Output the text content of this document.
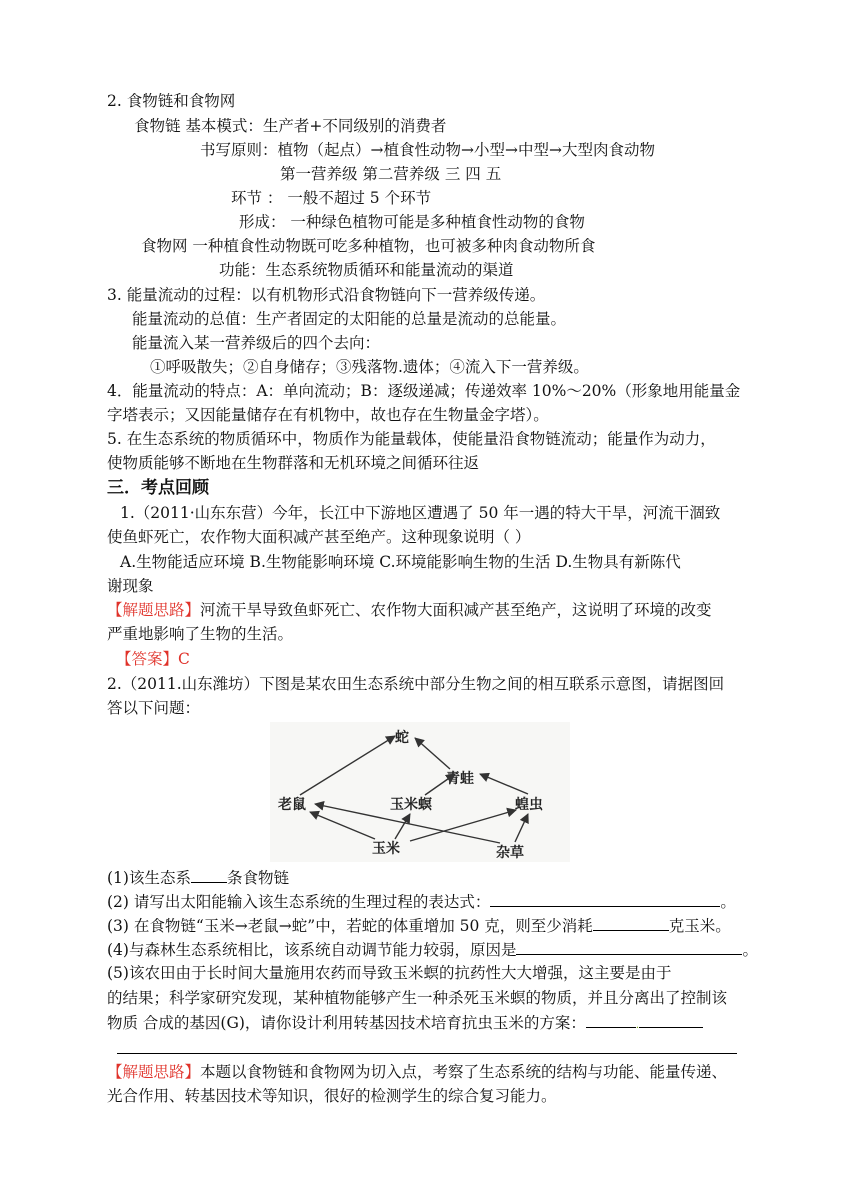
2. 食物链和食物网
食物链 基本模式：生产者+不同级别的消费者
书写原则：植物（起点）→植食性动物→小型→中型→大型肉食动物
第一营养级 第二营养级 三 四 五
环节 ： 一般不超过 5 个环节
形成： 一种绿色植物可能是多种植食性动物的食物
食物网 一种植食性动物既可吃多种植物，也可被多种肉食动物所食
功能：生态系统物质循环和能量流动的渠道
3. 能量流动的过程：以有机物形式沿食物链向下一营养级传递。
能量流动的总值：生产者固定的太阳能的总量是流动的总能量。
能量流入某一营养级后的四个去向：
①呼吸散失；②自身储存；③残落物.遗体；④流入下一营养级。
4．能量流动的特点：A：单向流动；B：逐级递减；传递效率 10%～20%（形象地用能量金
字塔表示；又因能量储存在有机物中，故也存在生物量金字塔）。
5. 在生态系统的物质循环中，物质作为能量载体，使能量沿食物链流动；能量作为动力，
使物质能够不断地在生物群落和无机环境之间循环往返
三．考点回顾
1.（2011·山东东营）今年，长江中下游地区遭遇了 50 年一遇的特大干旱，河流干涸致
使鱼虾死亡，农作物大面积减产甚至绝产。这种现象说明（ ）
A.生物能适应环境 B.生物能影响环境 C.环境能影响生物的生活 D.生物具有新陈代
谢现象
【解题思路】河流干旱导致鱼虾死亡、农作物大面积减产甚至绝产，这说明了环境的改变
严重地影响了生物的生活。
【答案】C
2.（2011.山东潍坊）下图是某农田生态系统中部分生物之间的相互联系示意图，请据图回
答以下问题：
蛇
青蛙
老鼠	玉米螟	蝗虫
玉米	杂草
(1)该生态系 条食物链
(2) 请写出太阳能输入该生态系统的生理过程的表达式：	。
(3) 在食物链“玉米→老鼠→蛇”中，若蛇的体重增加 50 克，则至少消耗	克玉米。
(4)与森林生态系统相比，该系统自动调节能力较弱，原因是	。
(5)该农田由于长时间大量施用农药而导致玉米螟的抗药性大大增强，这主要是由于
的结果；科学家研究发现，某种植物能够产生一种杀死玉米螟的物质，并且分离出了控制该
物质 合成的基因(G)，请你设计利用转基因技术培育抗虫玉米的方案：	.
【解题思路】本题以食物链和食物网为切入点，考察了生态系统的结构与功能、能量传递、
光合作用、转基因技术等知识，很好的检测学生的综合复习能力。
